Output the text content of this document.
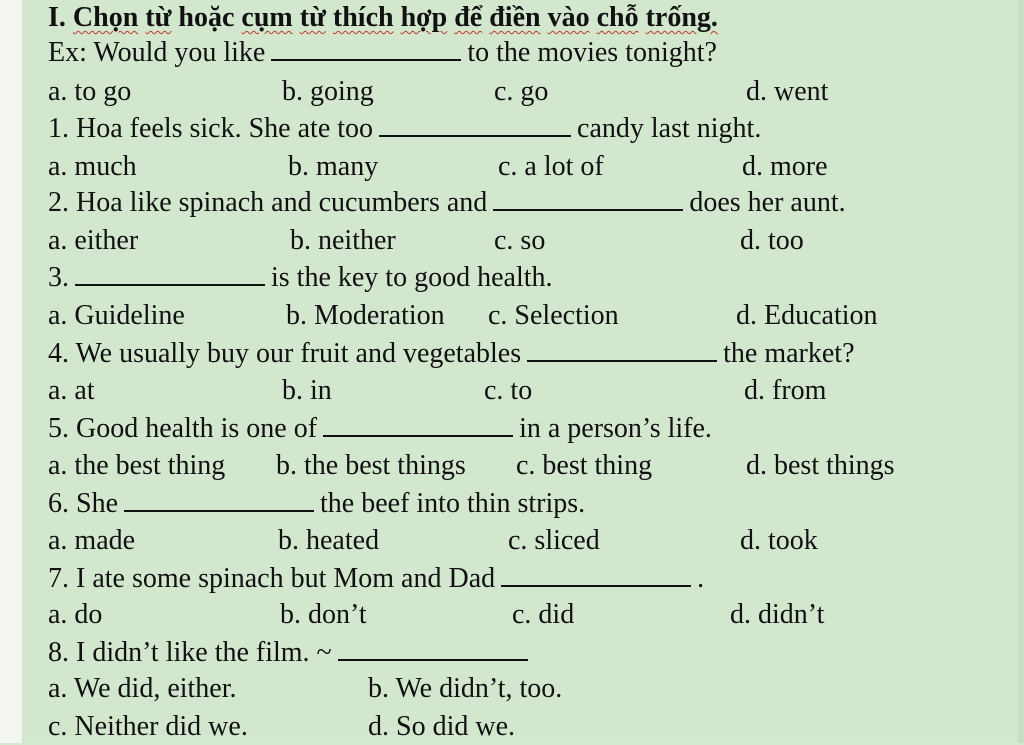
I. Chọn từ hoặc cụm từ thích hợp để điền vào chỗ trống.
Ex: Would you like	to the movies tonight?
a. to go	b. going	c. go	d. went
1. Hoa feels sick. She ate too	candy last night.
a. much	b. many	c. a lot of	d. more
2. Hoa like spinach and cucumbers and	does her aunt.
a. either	b. neither	c. so	d. too
3.	is the key to good health.
a. Guideline	b. Moderation c. Selection	d. Education
4. We usually buy our fruit and vegetables	the market?
a. at	b. in	c. to	d. from
5. Good health is one of	in a person’s life.
a. the best thing b. the best things c. best thing	d. best things
6. She	the beef into thin strips.
a. made	b. heated	c. sliced	d. took
7. I ate some spinach but Mom and Dad	.
a. do	b. don’t	c. did	d. didn’t
8. I didn’t like the film. ~
a. We did, either.	b. We didn’t, too.
c. Neither did we.	d. So did we.
